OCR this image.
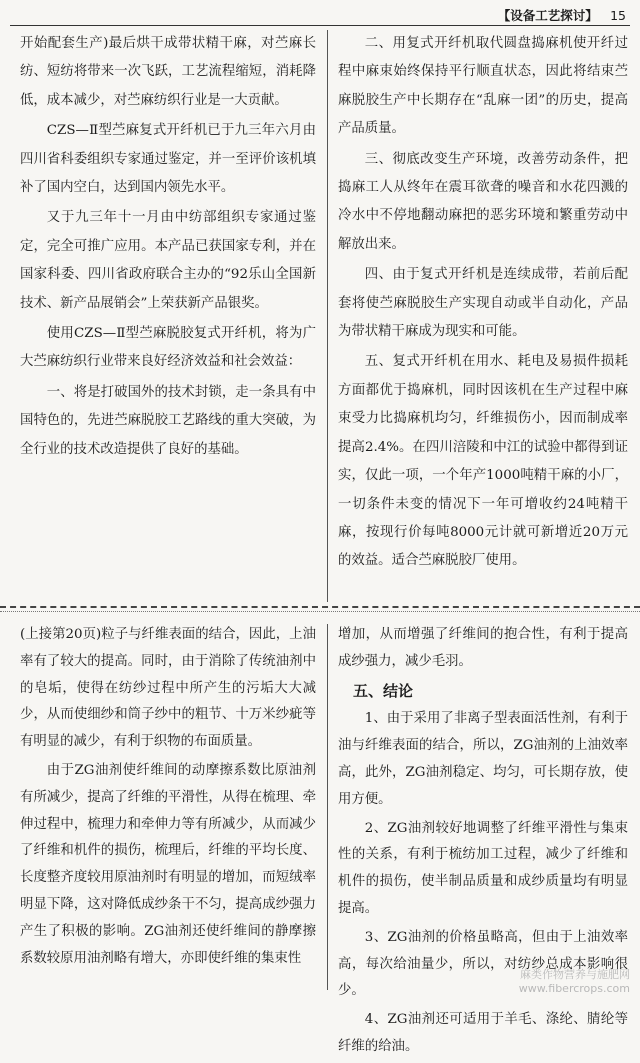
【设备工艺探讨】 15

开始配套生产)最后烘干成带状精干麻，对苎麻长纺、短纺将带来一次飞跃，工艺流程缩短，消耗降低，成本减少，对苎麻纺织行业是一大贡献。

CZS—Ⅱ型苎麻复式开纤机已于九三年六月由四川省科委组织专家通过鉴定，并一至评价该机填补了国内空白，达到国内领先水平。

又于九三年十一月由中纺部组织专家通过鉴定，完全可推广应用。本产品已获国家专利，并在国家科委、四川省政府联合主办的“92乐山全国新技术、新产品展销会”上荣获新产品银奖。

使用CZS—Ⅱ型苎麻脱胶复式开纤机，将为广大苎麻纺织行业带来良好经济效益和社会效益：

一、将是打破国外的技术封锁，走一条具有中国特色的，先进苎麻脱胶工艺路线的重大突破，为全行业的技术改造提供了良好的基础。

二、用复式开纤机取代圆盘捣麻机使开纤过程中麻束始终保持平行顺直状态，因此将结束苎麻脱胶生产中长期存在“乱麻一团”的历史，提高产品质量。

三、彻底改变生产环境，改善劳动条件，把捣麻工人从终年在震耳欲聋的噪音和水花四溅的冷水中不停地翻动麻把的恶劣环境和繁重劳动中解放出来。

四、由于复式开纤机是连续成带，若前后配套将使苎麻脱胶生产实现自动或半自动化，产品为带状精干麻成为现实和可能。

五、复式开纤机在用水、耗电及易损件损耗方面都优于捣麻机，同时因该机在生产过程中麻束受力比捣麻机均匀，纤维损伤小，因而制成率提高2.4%。在四川涪陵和中江的试验中都得到证实，仅此一项，一个年产1000吨精干麻的小厂，一切条件未变的情况下一年可增收约24吨精干麻，按现行价每吨8000元计就可新增近20万元的效益。适合苎麻脱胶厂使用。

(上接第20页)粒子与纤维表面的结合，因此，上油率有了较大的提高。同时，由于消除了传统油剂中的皂垢，使得在纺纱过程中所产生的污垢大大减少，从而使细纱和筒子纱中的粗节、十万米纱疵等有明显的减少，有利于织物的布面质量。

由于ZG油剂使纤维间的动摩擦系数比原油剂有所减少，提高了纤维的平滑性，从得在梳理、牵伸过程中，梳理力和牵伸力等有所减少，从而减少了纤维和机件的损伤，梳理后，纤维的平均长度、长度整齐度较用原油剂时有明显的增加，而短绒率明显下降，这对降低成纱条干不匀，提高成纱强力产生了积极的影响。ZG油剂还使纤维间的静摩擦系数较原用油剂略有增大，亦即使纤维的集束性

增加，从而增强了纤维间的抱合性，有利于提高成纱强力，减少毛羽。

五、结论

1、由于采用了非离子型表面活性剂，有利于油与纤维表面的结合，所以，ZG油剂的上油效率高，此外，ZG油剂稳定、均匀，可长期存放，使用方便。

2、ZG油剂较好地调整了纤维平滑性与集束性的关系，有利于梳纺加工过程，减少了纤维和机件的损伤，使半制品质量和成纱质量均有明显提高。

3、ZG油剂的价格虽略高，但由于上油效率高，每次给油量少，所以，对纺纱总成本影响很少。

4、ZG油剂还可适用于羊毛、涤纶、腈纶等纤维的给油。

麻类作物营养与施肥网
www.fibercrops.com
